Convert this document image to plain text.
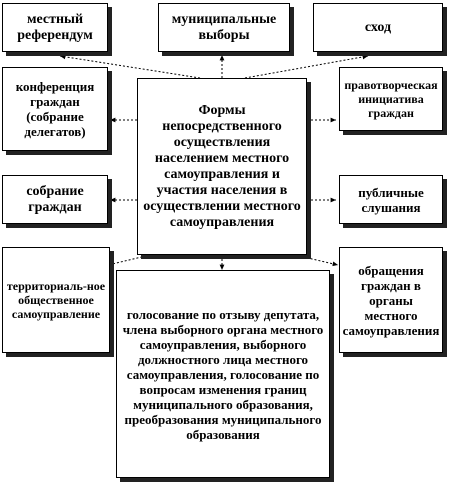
местный референдум
муниципальные выборы
сход
конференция граждан (собрание делегатов)
Формы непосредственного осуществления населением местного самоуправления и участия населения в осуществлении местного самоуправления
правотворческая инициатива граждан
собрание граждан
публичные слушания
территориаль-ное общественное самоуправление	голосование по отзыву депутата, члена выборного органа местного самоуправления, выборного должностного лица местного самоуправления, голосование по вопросам изменения границ муниципального образования, преобразования муниципального образования
обращения граждан в органы местного самоуправления
